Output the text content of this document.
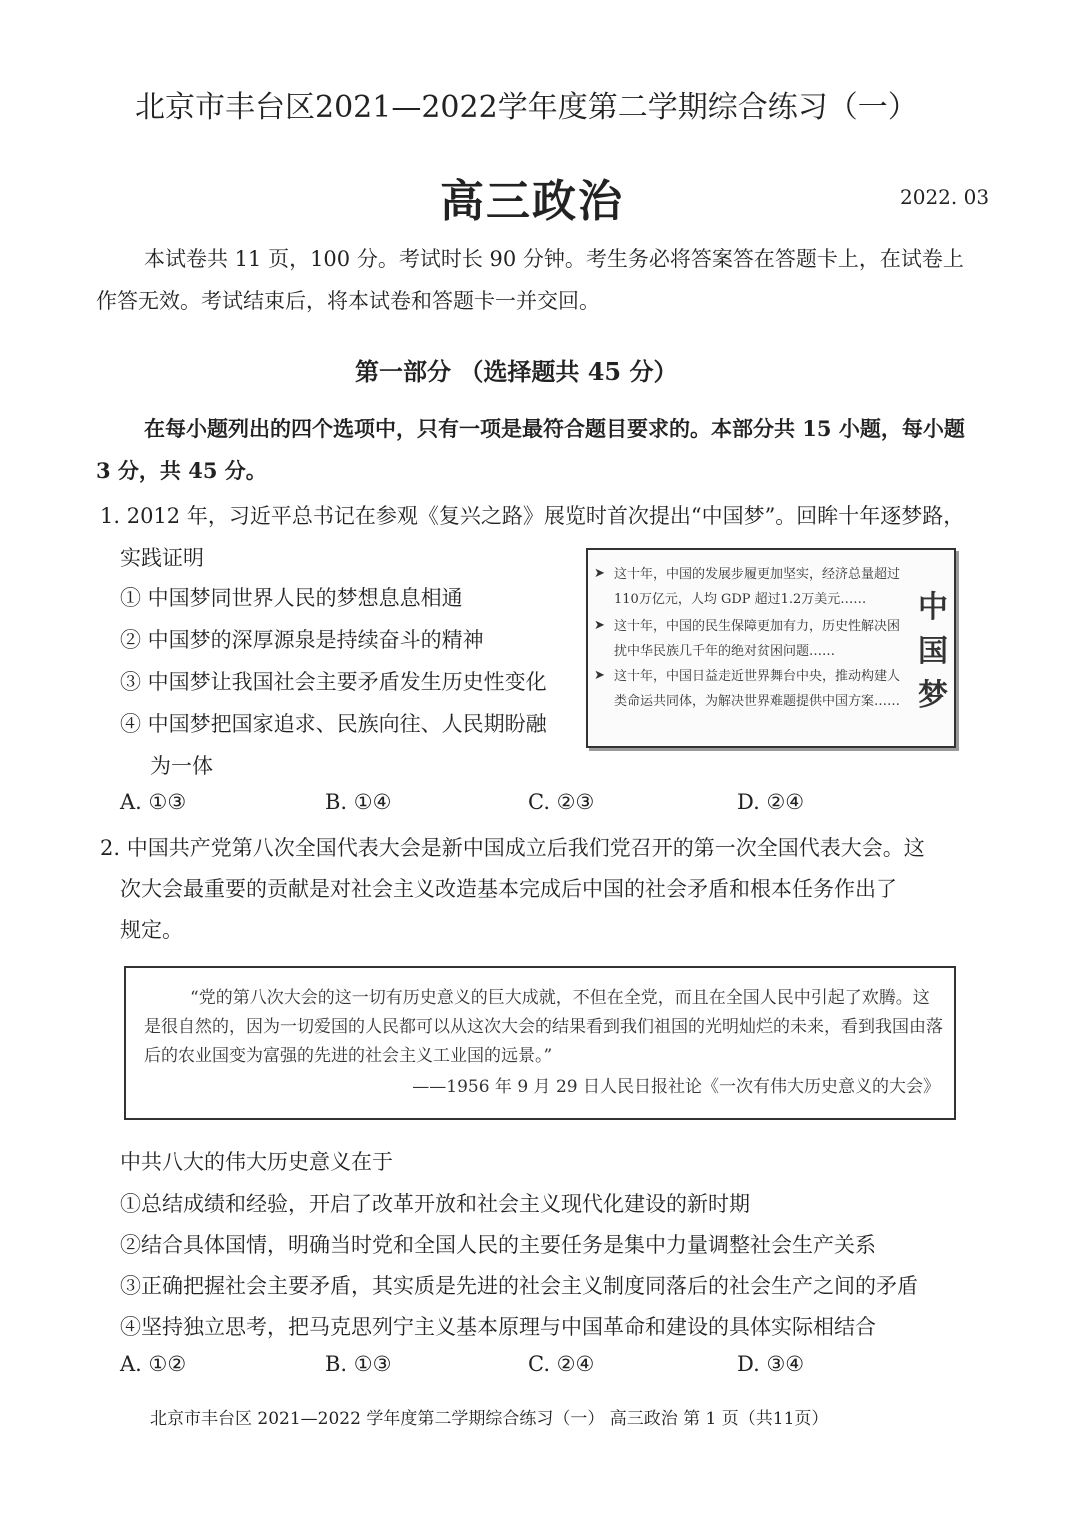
北京市丰台区2021—2022学年度第二学期综合练习（一）
高三政治	2022. 03
本试卷共 11 页，100 分。考试时长 90 分钟。考生务必将答案答在答题卡上，在试卷上作答无效。考试结束后，将本试卷和答题卡一并交回。
第一部分 （选择题共 45 分）
在每小题列出的四个选项中，只有一项是最符合题目要求的。本部分共 15 小题，每小题 3 分，共 45 分。
1. 2012 年，习近平总书记在参观《复兴之路》展览时首次提出“中国梦”。回眸十年逐梦路，
实践证明
① 中国梦同世界人民的梦想息息相通
② 中国梦的深厚源泉是持续奋斗的精神
③ 中国梦让我国社会主要矛盾发生历史性变化
④ 中国梦把国家追求、民族向往、人民期盼融
为一体
➤ 这十年，中国的发展步履更加坚实，经济总量超过110万亿元，人均 GDP 超过1.2万美元……
➤ 这十年，中国的民生保障更加有力，历史性解决困扰中华民族几千年的绝对贫困问题……
➤ 这十年，中国日益走近世界舞台中央，推动构建人类命运共同体，为解决世界难题提供中国方案……
中
国
梦
A. ①③	B. ①④	C. ②③	D. ②④
2. 中国共产党第八次全国代表大会是新中国成立后我们党召开的第一次全国代表大会。这
次大会最重要的贡献是对社会主义改造基本完成后中国的社会矛盾和根本任务作出了
规定。
“党的第八次大会的这一切有历史意义的巨大成就，不但在全党，而且在全国人民中引起了欢腾。这是很自然的，因为一切爱国的人民都可以从这次大会的结果看到我们祖国的光明灿烂的未来，看到我国由落后的农业国变为富强的先进的社会主义工业国的远景。”
——1956 年 9 月 29 日人民日报社论《一次有伟大历史意义的大会》
中共八大的伟大历史意义在于
①总结成绩和经验，开启了改革开放和社会主义现代化建设的新时期
②结合具体国情，明确当时党和全国人民的主要任务是集中力量调整社会生产关系
③正确把握社会主要矛盾，其实质是先进的社会主义制度同落后的社会生产之间的矛盾
④坚持独立思考，把马克思列宁主义基本原理与中国革命和建设的具体实际相结合
A. ①②	B. ①③	C. ②④	D. ③④
北京市丰台区 2021—2022 学年度第二学期综合练习（一） 高三政治 第 1 页（共11页）
